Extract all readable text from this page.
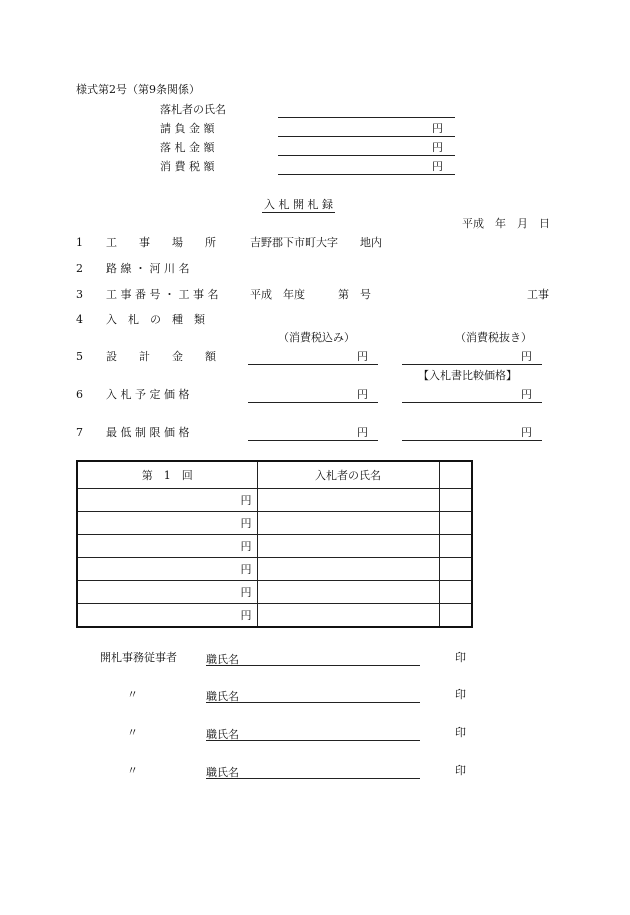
様式第2号（第9条関係）
落札者の氏名
請 負 金 額	円
落 札 金 額	円
消 費 税 額	円
入 札 開 札 録
平成　年　月　日
1 工　　事　　場　　所	吉野郡下市町大字　　地内
2 路 線 ・ 河 川 名
3 工 事 番 号 ・ 工 事 名	平成　年度　　　第　号	工事
4 入　札　の　種　類
（消費税込み）	（消費税抜き）
5 設　　計　　金　　額	円	円
【入札書比較価格】
6 入 札 予 定 価 格	円	円
7 最 低 制 限 価 格	円	円
第　1　回	入札者の氏名	
円		
円		
円		
円		
円		
円		
開札事務従事者	職氏名	印
〃	職氏名	印
〃	職氏名	印
〃	職氏名	印
